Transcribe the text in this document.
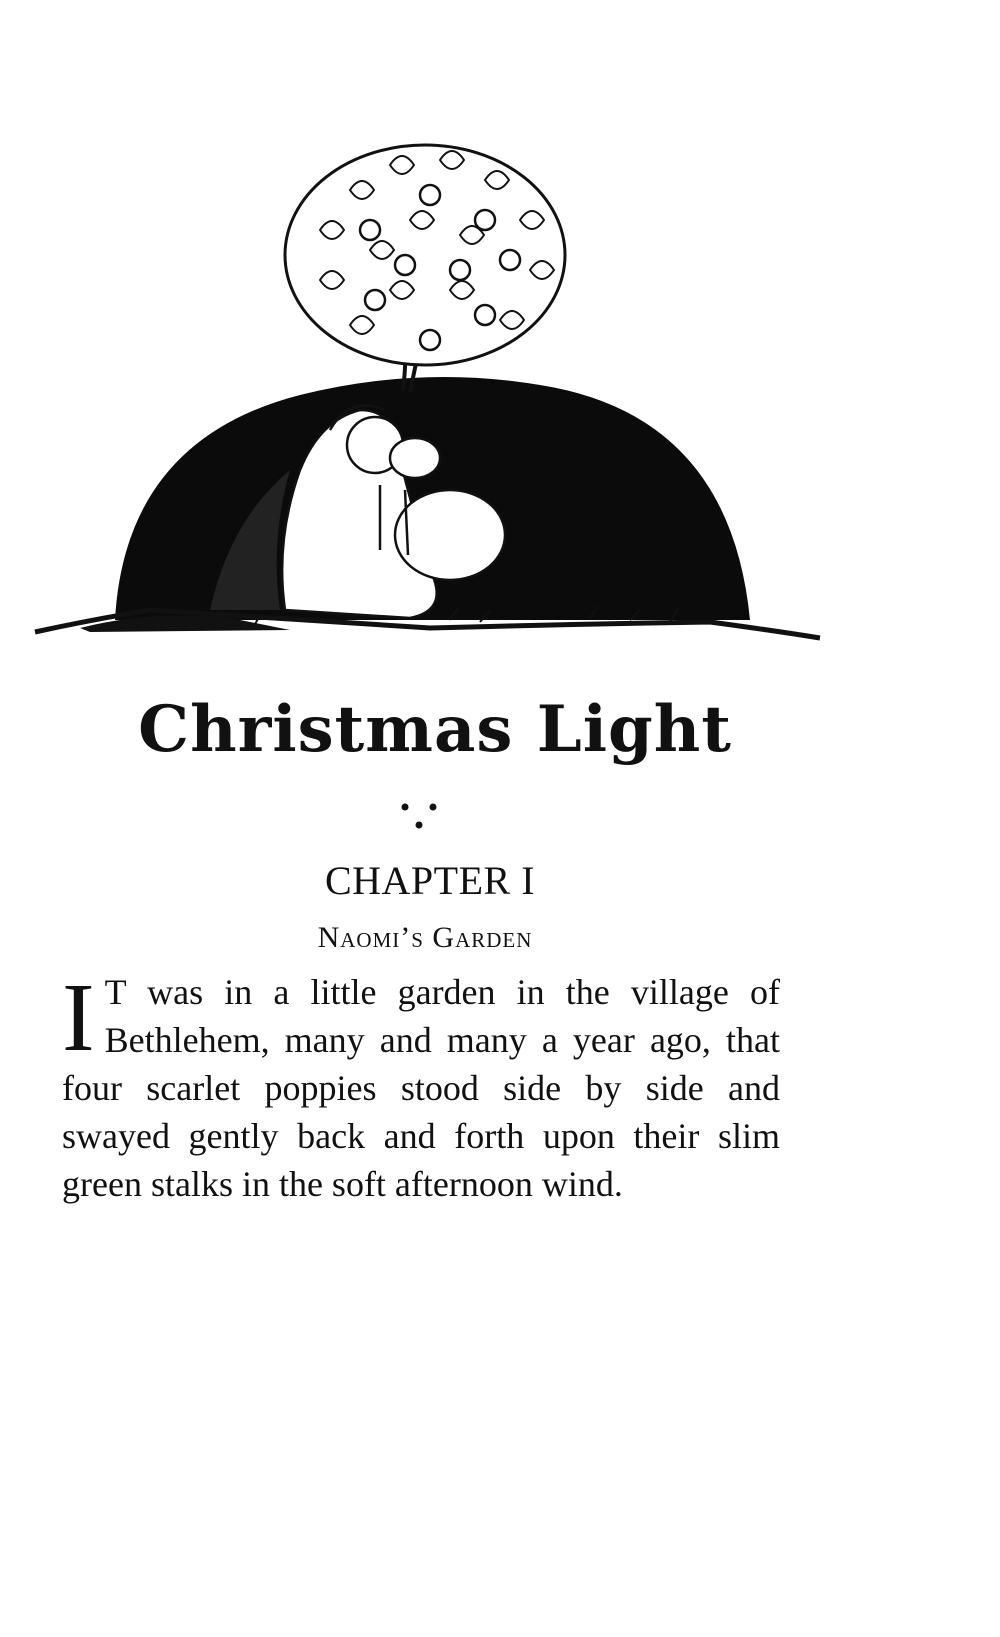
Christmas Light
CHAPTER I
Naomi’s Garden
I T was in a little garden in the village of Bethlehem, many and many a year ago, that four scarlet poppies stood side by side and swayed gently back and forth upon their slim green stalks in the soft afternoon wind.
